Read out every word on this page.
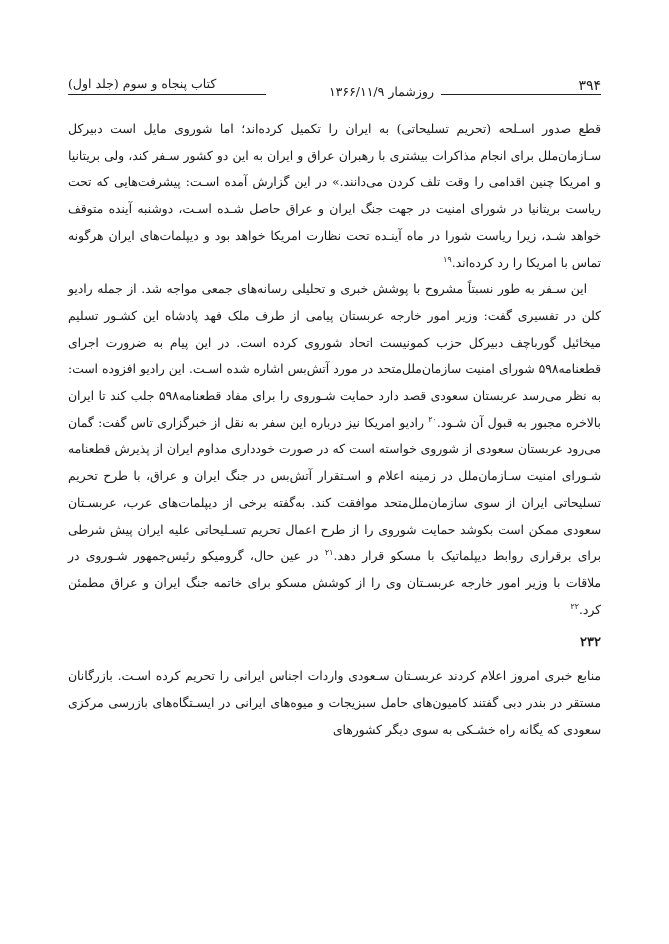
۳۹۴
روزشمار ۱۳۶۶/۱۱/۹
کتاب پنجاه و سوم (جلد اول)

قطع صدور اسـلحه (تحریم تسلیحاتی) به ایران را تکمیل کرده‌اند؛ اما شوروی مایل است دبیرکل سـازمان‌ملل برای انجام مذاکرات بیشتری با رهبران عراق و ایران به این دو کشور سـفر کند، ولی بریتانیا و امریکا چنین اقدامی را وقت تلف کردن می‌دانند.» در این گزارش آمده اسـت: پیشرفت‌هایی که تحت ریاست بریتانیا در شورای امنیت در جهت جنگ ایران و عراق حاصل شـده اسـت، دوشنبه آینده متوقف خواهد شـد، زیرا ریاست شورا در ماه آینـده تحت نظارت امریکا خواهد بود و دیپلمات‌های ایران هرگونه تماس با امریکا را رد کرده‌اند.$^{۱۹}$

این سـفر به طور نسبتاً مشروح با پوشش خبری و تحلیلی رسانه‌های جمعی مواجه شد. از جمله رادیو کلن در تفسیری گفت: وزیر امور خارجه عربستان پیامی از طرف ملک فهد پادشاه این کشـور تسلیم میخائیل گورباچف دبیرکل حزب کمونیست اتحاد شوروی کرده است. در این پیام به ضرورت اجرای قطعنامه۵۹۸ شورای امنیت سازمان‌ملل‌متحد در مورد آتش‌بس اشاره شده اسـت. این رادیو افزوده است: به نظر می‌رسد عربستان سعودی قصد دارد حمایت شـوروی را برای مفاد قطعنامه۵۹۸ جلب کند تا ایران بالاخره مجبور به قبول آن شـود.$^{۲۰}$ رادیو امریکا نیز درباره این سفر به نقل از خبرگزاری تاس گفت: گمان می‌رود عربستان سعودی از شوروی خواسته است که در صورت خودداری مداوم ایران از پذیرش قطعنامه شـورای امنیت سـازمان‌ملل در زمینه اعلام و اسـتقرار آتش‌بس در جنگ ایران و عراق، با طرح تحریم تسلیحاتی ایران از سوی سازمان‌ملل‌متحد موافقت کند. به‌گفته برخی از دیپلمات‌های عرب، عربسـتان سعودی ممکن است بکوشد حمایت شوروی را از طرح اعمال تحریم تسـلیحاتی علیه ایران پیش شرطی برای برقراری روابط دیپلماتیک با مسکو قرار دهد.$^{۲۱}$ در عین حال، گرومیکو رئیس‌جمهور شـوروی در ملاقات با وزیر امور خارجه عربسـتان وی را از کوشش مسکو برای خاتمه جنگ ایران و عراق مطمئن کرد.$^{۲۲}$

۲۳۲

منابع خبری امروز اعلام کردند عربسـتان سـعودی واردات اجناس ایرانی را تحریم کرده اسـت. بازرگانان مستقر در بندر دبی گفتند کامیون‌های حامل سبزیجات و میوه‌های ایرانی در ایسـتگاه‌های بازرسی مرکزی سعودی که یگانه راه خشـکی به سوی دیگر کشورهای
